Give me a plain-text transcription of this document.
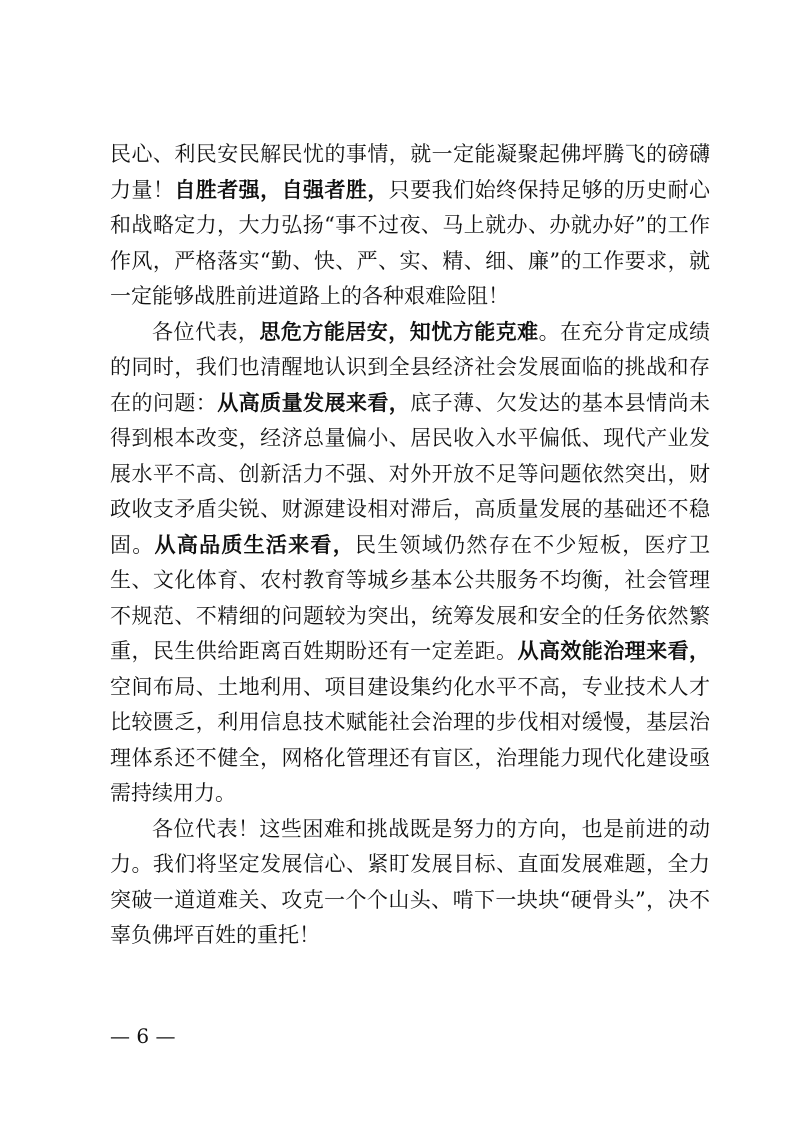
民心、利民安民解民忧的事情，就一定能凝聚起佛坪腾飞的磅礴力量！自胜者强，自强者胜，只要我们始终保持足够的历史耐心和战略定力，大力弘扬“事不过夜、马上就办、办就办好”的工作作风，严格落实“勤、快、严、实、精、细、廉”的工作要求，就一定能够战胜前进道路上的各种艰难险阻！

各位代表，思危方能居安，知忧方能克难。在充分肯定成绩的同时，我们也清醒地认识到全县经济社会发展面临的挑战和存在的问题：从高质量发展来看，底子薄、欠发达的基本县情尚未得到根本改变，经济总量偏小、居民收入水平偏低、现代产业发展水平不高、创新活力不强、对外开放不足等问题依然突出，财政收支矛盾尖锐、财源建设相对滞后，高质量发展的基础还不稳固。从高品质生活来看，民生领域仍然存在不少短板，医疗卫生、文化体育、农村教育等城乡基本公共服务不均衡，社会管理不规范、不精细的问题较为突出，统筹发展和安全的任务依然繁重，民生供给距离百姓期盼还有一定差距。从高效能治理来看，空间布局、土地利用、项目建设集约化水平不高，专业技术人才比较匮乏，利用信息技术赋能社会治理的步伐相对缓慢，基层治理体系还不健全，网格化管理还有盲区，治理能力现代化建设亟需持续用力。

各位代表！这些困难和挑战既是努力的方向，也是前进的动力。我们将坚定发展信心、紧盯发展目标、直面发展难题，全力突破一道道难关、攻克一个个山头、啃下一块块“硬骨头”，决不辜负佛坪百姓的重托！

— 6 —
